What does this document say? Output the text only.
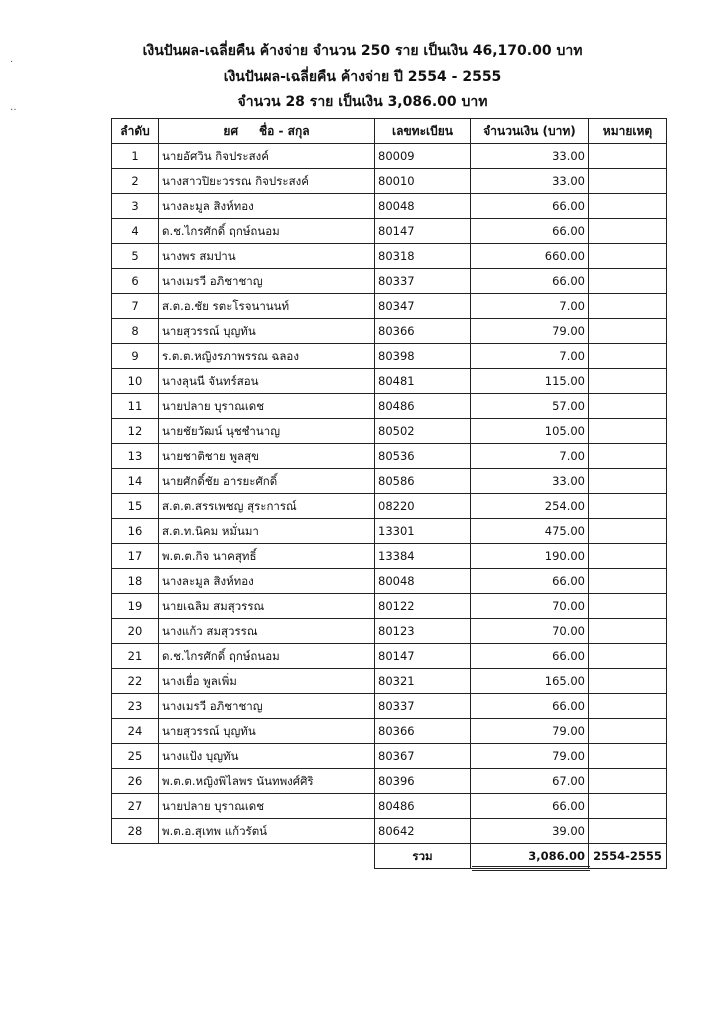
·
‥
เงินปันผล-เฉลี่ยคืน ค้างจ่าย จำนวน 250 ราย เป็นเงิน 46,170.00 บาท
เงินปันผล-เฉลี่ยคืน ค้างจ่าย ปี 2554 - 2555
จำนวน 28 ราย เป็นเงิน 3,086.00 บาท
ลำดับ	ยศ     ชื่อ - สกุล	เลขทะเบียน	จำนวนเงิน (บาท)	หมายเหตุ
1	นายอัศวิน กิจประสงค์	80009	33.00	
2	นางสาวปิยะวรรณ กิจประสงค์	80010	33.00	
3	นางละมูล สิงห์ทอง	80048	66.00	
4	ด.ช.ไกรศักดิ์ ฤกษ์ถนอม	80147	66.00	
5	นางพร สมปาน	80318	660.00	
6	นางเมรวี อภิชาชาญ	80337	66.00	
7	ส.ต.อ.ชัย รตะโรจนานนท์	80347	7.00	
8	นายสุวรรณ์ บุญทัน	80366	79.00	
9	ร.ต.ต.หญิงรภาพรรณ ฉลอง	80398	7.00	
10	นางลุนนี จันทร์สอน	80481	115.00	
11	นายปลาย บุราณเดช	80486	57.00	
12	นายชัยวัฒน์ นุชชำนาญ	80502	105.00	
13	นายชาติชาย พูลสุข	80536	7.00	
14	นายศักดิ์ชัย อารยะศักดิ์	80586	33.00	
15	ส.ต.ต.สรรเพชญ สุระการณ์	08220	254.00	
16	ส.ต.ท.นิคม หมั่นมา	13301	475.00	
17	พ.ต.ต.กิจ นาคสุทธิ์	13384	190.00	
18	นางละมูล สิงห์ทอง	80048	66.00	
19	นายเฉลิม สมสุวรรณ	80122	70.00	
20	นางแก้ว สมสุวรรณ	80123	70.00	
21	ด.ช.ไกรศักดิ์ ฤกษ์ถนอม	80147	66.00	
22	นางเยื่อ พูลเพิ่ม	80321	165.00	
23	นางเมรวี อภิชาชาญ	80337	66.00	
24	นายสุวรรณ์ บุญทัน	80366	79.00	
25	นางแป้ง บุญทัน	80367	79.00	
26	พ.ต.ต.หญิงพิไลพร นันทพงศ์ศิริ	80396	67.00	
27	นายปลาย บุราณเดช	80486	66.00	
28	พ.ต.อ.สุเทพ แก้วรัตน์	80642	39.00	
		รวม	3,086.00	2554-2555
